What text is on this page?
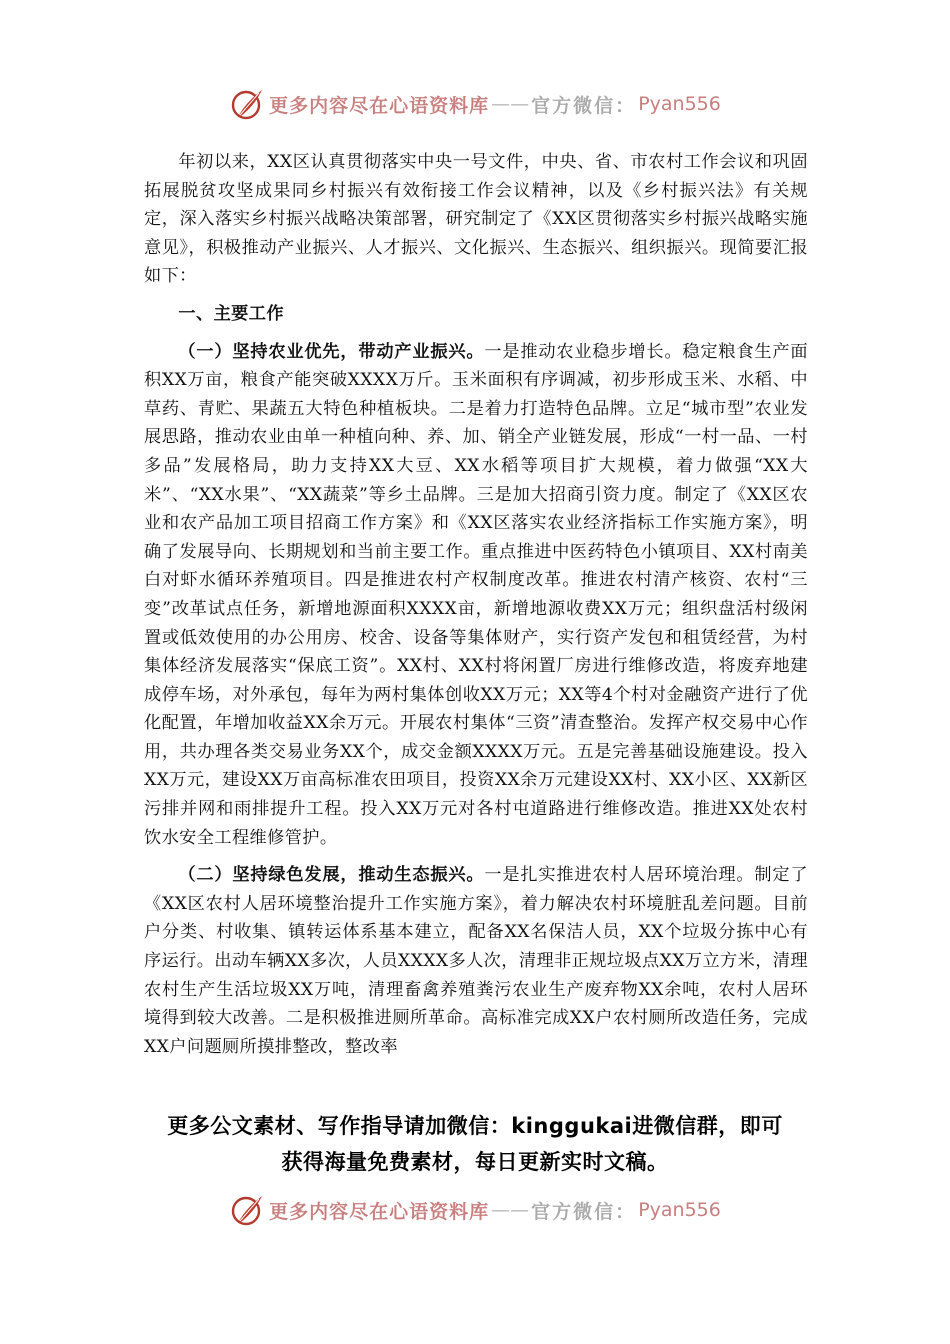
更多内容尽在心语资料库 —— 官方微信： Pyan556

年初以来，XX区认真贯彻落实中央一号文件，中央、省、市农村工作会议和巩固拓展脱贫攻坚成果同乡村振兴有效衔接工作会议精神，以及《乡村振兴法》有关规定，深入落实乡村振兴战略决策部署，研究制定了《XX区贯彻落实乡村振兴战略实施意见》，积极推动产业振兴、人才振兴、文化振兴、生态振兴、组织振兴。现简要汇报如下：

一、主要工作

（一）坚持农业优先，带动产业振兴。一是推动农业稳步增长。稳定粮食生产面积XX万亩，粮食产能突破XXXX万斤。玉米面积有序调减，初步形成玉米、水稻、中草药、青贮、果蔬五大特色种植板块。二是着力打造特色品牌。立足“城市型”农业发展思路，推动农业由单一种植向种、养、加、销全产业链发展，形成“一村一品、一村多品”发展格局，助力支持XX大豆、XX水稻等项目扩大规模，着力做强“XX大米”、“XX水果”、“XX蔬菜”等乡土品牌。三是加大招商引资力度。制定了《XX区农业和农产品加工项目招商工作方案》和《XX区落实农业经济指标工作实施方案》，明确了发展导向、长期规划和当前主要工作。重点推进中医药特色小镇项目、XX村南美白对虾水循环养殖项目。四是推进农村产权制度改革。推进农村清产核资、农村“三变”改革试点任务，新增地源面积XXXX亩，新增地源收费XX万元；组织盘活村级闲置或低效使用的办公用房、校舍、设备等集体财产，实行资产发包和租赁经营，为村集体经济发展落实“保底工资”。XX村、XX村将闲置厂房进行维修改造，将废弃地建成停车场，对外承包，每年为两村集体创收XX万元；XX等4个村对金融资产进行了优化配置，年增加收益XX余万元。开展农村集体“三资”清查整治。发挥产权交易中心作用，共办理各类交易业务XX个，成交金额XXXX万元。五是完善基础设施建设。投入XX万元，建设XX万亩高标准农田项目，投资XX余万元建设XX村、XX小区、XX新区污排并网和雨排提升工程。投入XX万元对各村屯道路进行维修改造。推进XX处农村饮水安全工程维修管护。

（二）坚持绿色发展，推动生态振兴。一是扎实推进农村人居环境治理。制定了《XX区农村人居环境整治提升工作实施方案》，着力解决农村环境脏乱差问题。目前户分类、村收集、镇转运体系基本建立，配备XX名保洁人员，XX个垃圾分拣中心有序运行。出动车辆XX多次，人员XXXX多人次，清理非正规垃圾点XX万立方米，清理农村生产生活垃圾XX万吨，清理畜禽养殖粪污农业生产废弃物XX余吨，农村人居环境得到较大改善。二是积极推进厕所革命。高标准完成XX户农村厕所改造任务，完成XX户问题厕所摸排整改，整改率

更多公文素材、写作指导请加微信：kinggukai进微信群，即可
获得海量免费素材，每日更新实时文稿。
更多内容尽在心语资料库 —— 官方微信： Pyan556
